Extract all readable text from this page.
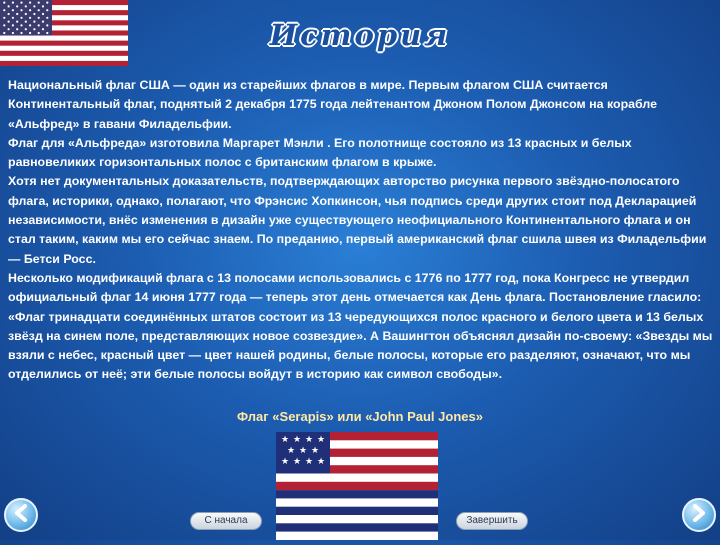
История

Национальный флаг США — один из старейших флагов в мире. Первым флагом США считается Континентальный флаг, поднятый 2 декабря 1775 года лейтенантом Джоном Полом Джонсом на корабле «Альфред» в гавани Филадельфии.

Флаг для «Альфреда» изготовила Маргарет Мэнли . Его полотнище состояло из 13 красных и белых равновеликих горизонтальных полос с британским флагом в крыже.

Хотя нет документальных доказательств, подтверждающих авторство рисунка первого звёздно-полосатого флага, историки, однако, полагают, что Фрэнсис Хопкинсон, чья подпись среди других стоит под Декларацией независимости, внёс изменения в дизайн уже существующего неофициального Континентального флага и он стал таким, каким мы его сейчас знаем. По преданию, первый американский флаг сшила швея из Филадельфии — Бетси Росс.

Несколько модификаций флага с 13 полосами использовались с 1776 по 1777 год, пока Конгресс не утвердил официальный флаг 14 июня 1777 года — теперь этот день отмечается как День флага. Постановление гласило: «Флаг тринадцати соединённых штатов состоит из 13 чередующихся полос красного и белого цвета и 13 белых звёзд на синем поле, представляющих новое созвездие». А Вашингтон объяснял дизайн по-своему: «Звезды мы взяли с небес, красный цвет — цвет нашей родины, белые полосы, которые его разделяют, означают, что мы отделились от неё; эти белые полосы войдут в историю как символ свободы».

Флаг «Serapis» или «John Paul Jones»
★ ★ ★ ★
★ ★ ★
★ ★ ★ ★
С начала	Завершить
